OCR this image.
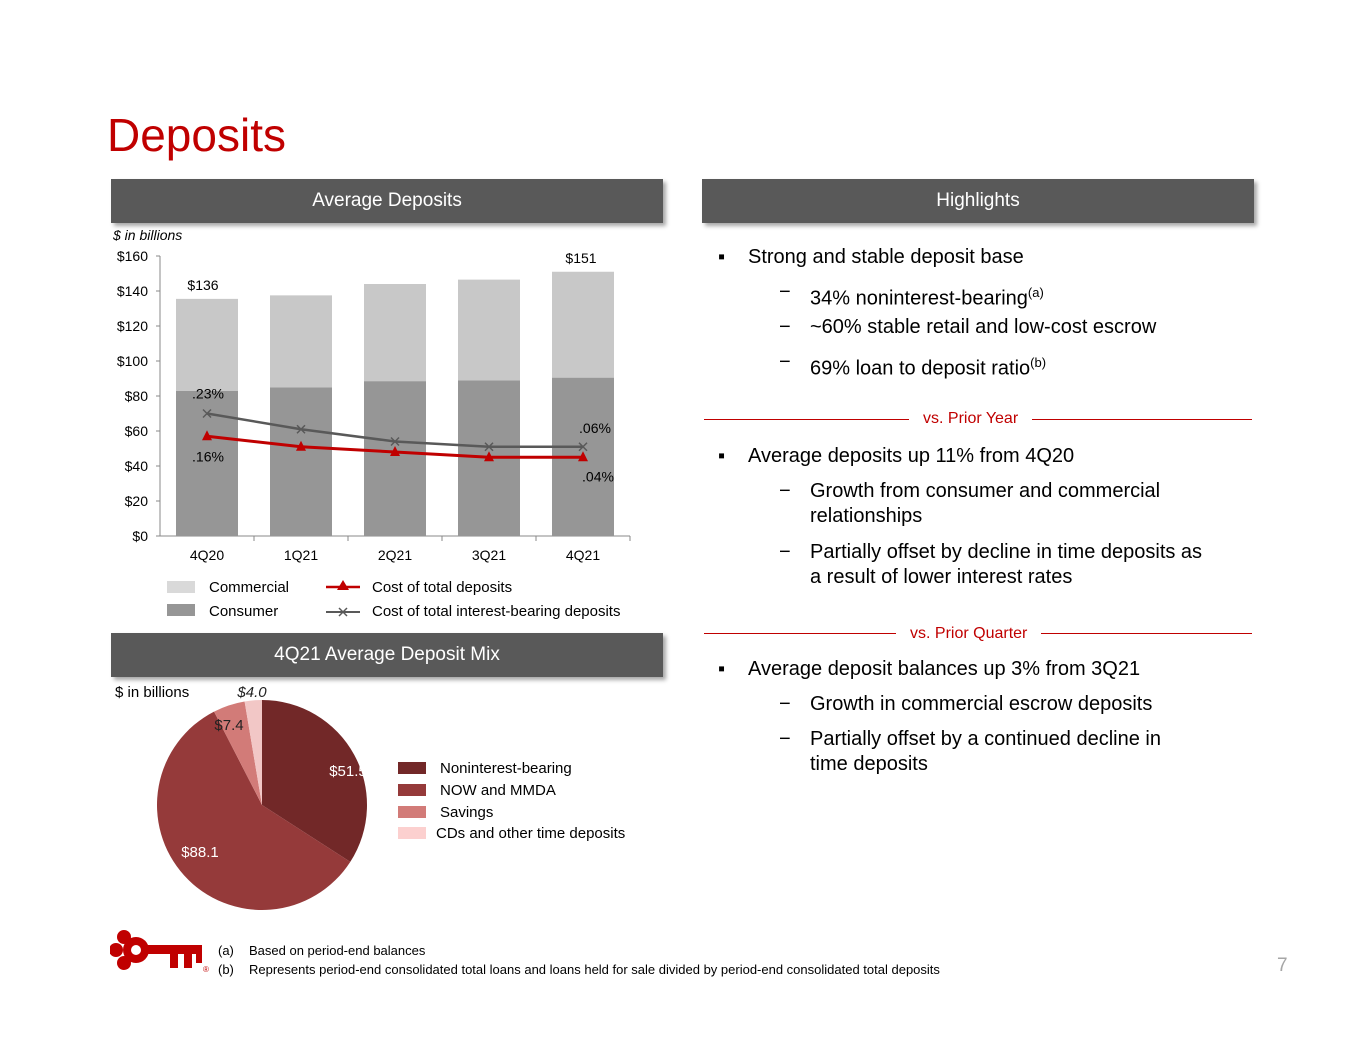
Deposits
Average Deposits
$ in billions
$0
$20
$40
$60
$80
$100
$120
$140
$160
4Q20	1Q21	2Q21	3Q21	4Q21
$136
$151
.23%
.16%
.06%
.04%
Commercial
Consumer
Cost of total deposits
Cost of total interest-bearing deposits
4Q21 Average Deposit Mix
$ in billions
$51.5
$88.1
$7.4
$4.0
Noninterest-bearing
NOW and MMDA
Savings
CDs and other time deposits
Highlights
▪ Strong and stable deposit base
− 34% noninterest-bearing$^{(a)}$
− ~60% stable retail and low-cost escrow
− 69% loan to deposit ratio$^{(b)}$
vs. Prior Year
▪ Average deposits up 11% from 4Q20
− Growth from consumer and commercial
relationships
− Partially offset by decline in time deposits as
a result of lower interest rates
vs. Prior Quarter
▪ Average deposit balances up 3% from 3Q21
− Growth in commercial escrow deposits
− Partially offset by a continued decline in
time deposits
®
(a) Based on period-end balances
(b) Represents period-end consolidated total loans and loans held for sale divided by period-end consolidated total deposits	7
